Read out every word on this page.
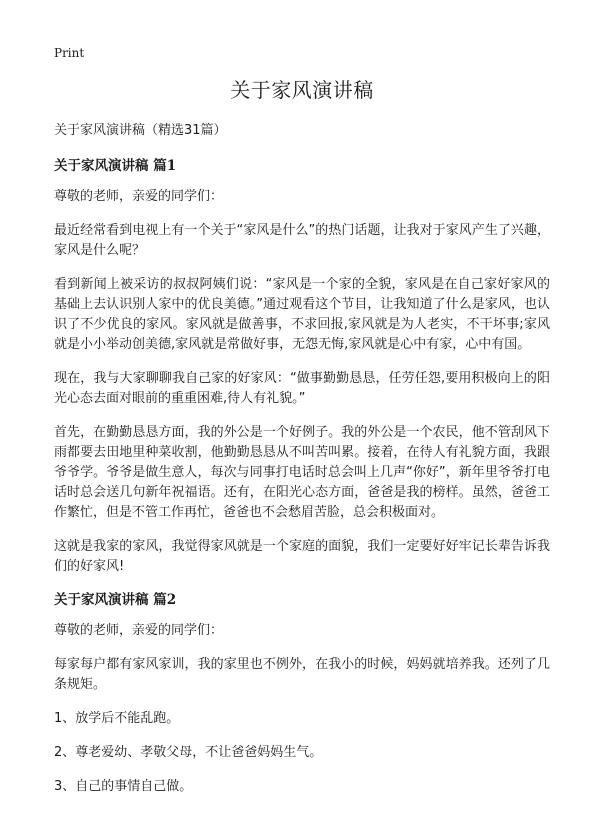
Print
关于家风演讲稿

关于家风演讲稿（精选31篇）

关于家风演讲稿 篇1

尊敬的老师，亲爱的同学们：

最近经常看到电视上有一个关于“家风是什么”的热门话题，让我对于家风产生了兴趣，家风是什么呢？

看到新闻上被采访的叔叔阿姨们说：“家风是一个家的全貌，家风是在自己家好家风的基础上去认识别人家中的优良美德。”通过观看这个节目，让我知道了什么是家风，也认识了不少优良的家风。家风就是做善事，不求回报,家风就是为人老实，不干坏事;家风就是小小举动创美德,家风就是常做好事，无怨无悔,家风就是心中有家，心中有国。

现在，我与大家聊聊我自己家的好家风：“做事勤勤恳恳，任劳任怨,要用积极向上的阳光心态去面对眼前的重重困难,待人有礼貌。”

首先，在勤勤恳恳方面，我的外公是一个好例子。我的外公是一个农民，他不管刮风下雨都要去田地里种菜收割，他勤勤恳恳从不叫苦叫累。接着，在待人有礼貌方面，我跟爷爷学。爷爷是做生意人，每次与同事打电话时总会叫上几声“你好”，新年里爷爷打电话时总会送几句新年祝福语。还有，在阳光心态方面，爸爸是我的榜样。虽然，爸爸工作繁忙，但是不管工作再忙，爸爸也不会愁眉苦脸，总会积极面对。

这就是我家的家风，我觉得家风就是一个家庭的面貌，我们一定要好好牢记长辈告诉我们的好家风!

关于家风演讲稿 篇2

尊敬的老师，亲爱的同学们：

每家每户都有家风家训，我的家里也不例外，在我小的时候，妈妈就培养我。还列了几条规矩。

1、放学后不能乱跑。

2、尊老爱幼、孝敬父母，不让爸爸妈妈生气。

3、自己的事情自己做。
